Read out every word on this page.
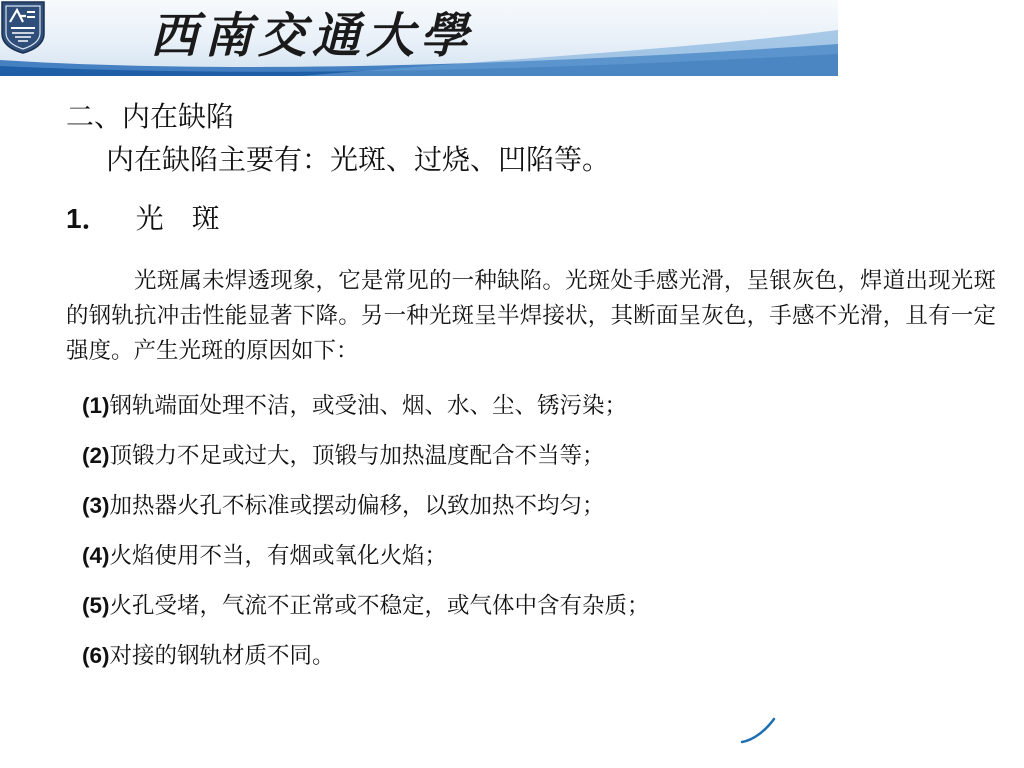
西南交通大學
二、内在缺陷
内在缺陷主要有：光斑、过烧、凹陷等。
1． 光　斑
光斑属未焊透现象，它是常见的一种缺陷。光斑处手感光滑，呈银灰色，焊道出现光斑的钢轨抗冲击性能显著下降。另一种光斑呈半焊接状，其断面呈灰色，手感不光滑，且有一定强度。产生光斑的原因如下：
(1)钢轨端面处理不洁，或受油、烟、水、尘、锈污染；
(2)顶锻力不足或过大，顶锻与加热温度配合不当等；
(3)加热器火孔不标准或摆动偏移，以致加热不均匀；
(4)火焰使用不当，有烟或氧化火焰；
(5)火孔受堵，气流不正常或不稳定，或气体中含有杂质；
(6)对接的钢轨材质不同。
